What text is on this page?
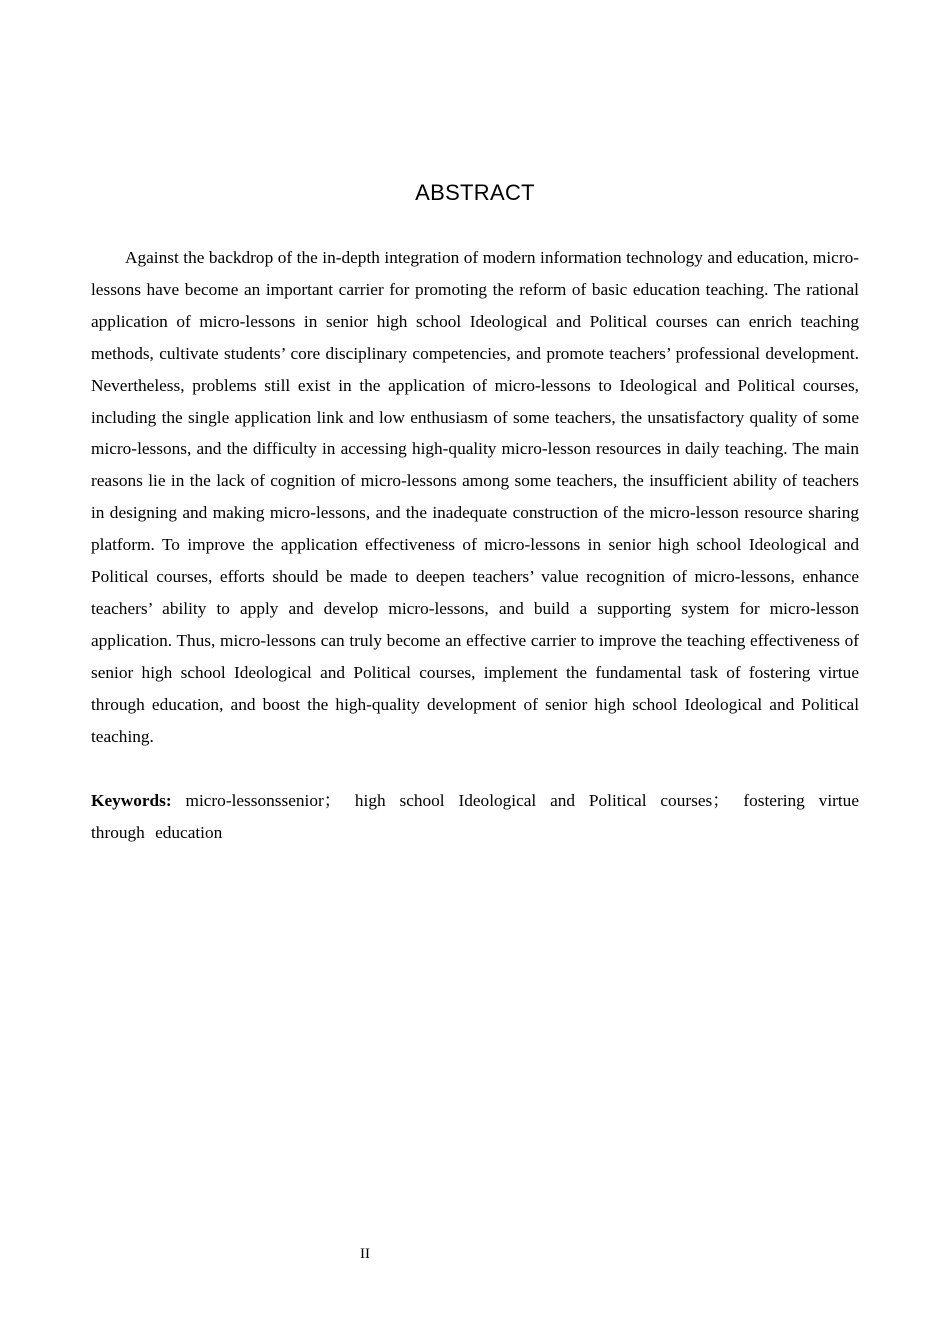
ABSTRACT

Against the backdrop of the in-depth integration of modern information technology and education, micro-lessons have become an important carrier for promoting the reform of basic education teaching. The rational application of micro-lessons in senior high school Ideological and Political courses can enrich teaching methods, cultivate students’ core disciplinary competencies, and promote teachers’ professional development. Nevertheless, problems still exist in the application of micro-lessons to Ideological and Political courses, including the single application link and low enthusiasm of some teachers, the unsatisfactory quality of some micro-lessons, and the difficulty in accessing high-quality micro-lesson resources in daily teaching. The main reasons lie in the lack of cognition of micro-lessons among some teachers, the insufficient ability of teachers in designing and making micro-lessons, and the inadequate construction of the micro-lesson resource sharing platform. To improve the application effectiveness of micro-lessons in senior high school Ideological and Political courses, efforts should be made to deepen teachers’ value recognition of micro-lessons, enhance teachers’ ability to apply and develop micro-lessons, and build a supporting system for micro-lesson application. Thus, micro-lessons can truly become an effective carrier to improve the teaching effectiveness of senior high school Ideological and Political courses, implement the fundamental task of fostering virtue through education, and boost the high-quality development of senior high school Ideological and Political teaching.

Keywords: micro-lessonssenior； high school Ideological and Political courses； fostering virtue through education

II
